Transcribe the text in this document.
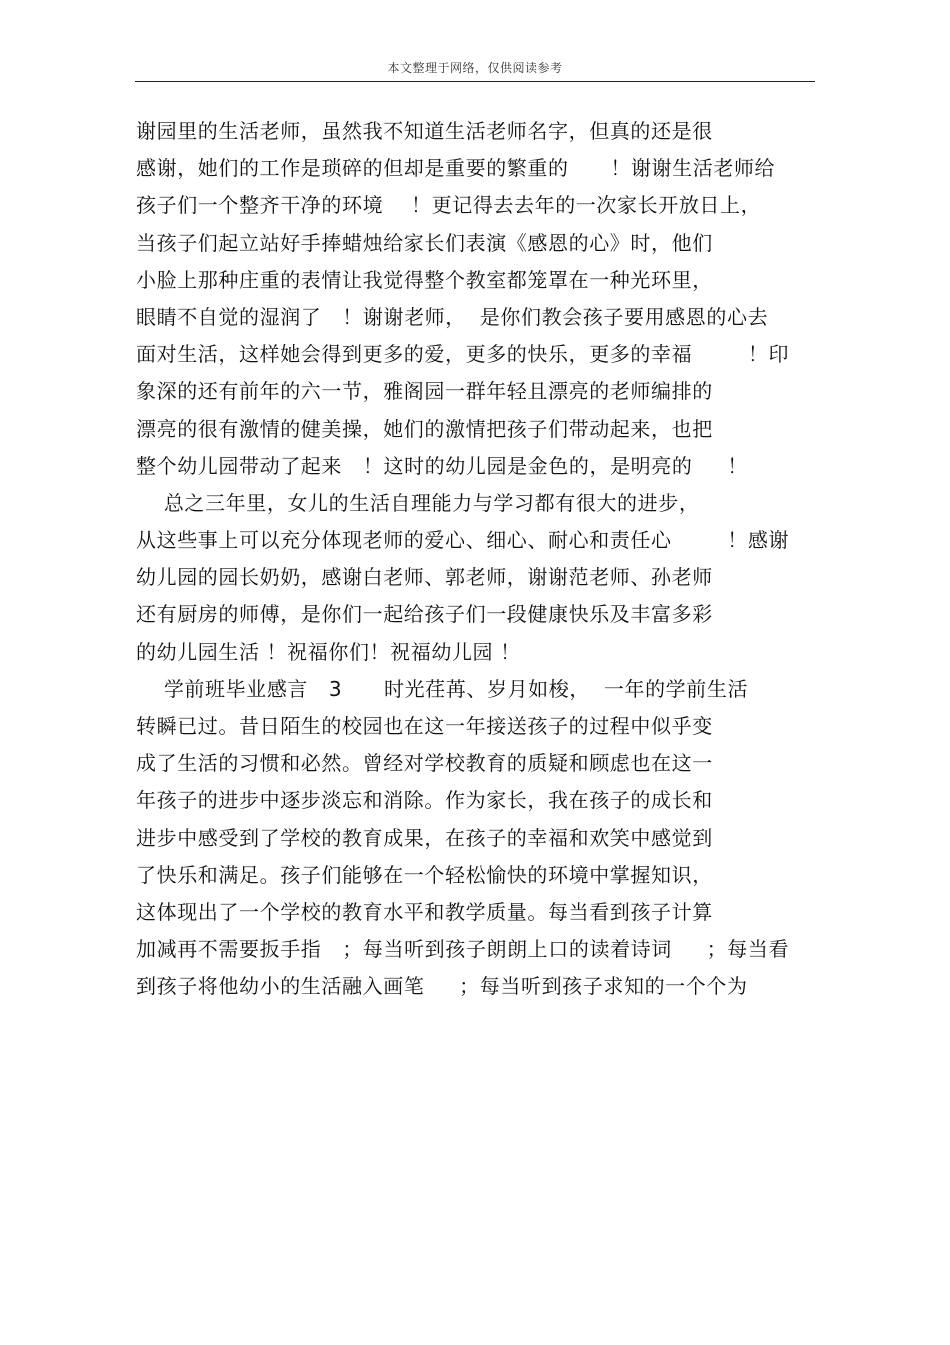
本文整理于网络，仅供阅读参考
谢园里的生活老师，虽然我不知道生活老师名字，但真的还是很
感谢，她们的工作是琐碎的但却是重要的繁重的      ！谢谢生活老师给
孩子们一个整齐干净的环境    ！更记得去去年的一次家长开放日上，
当孩子们起立站好手捧蜡烛给家长们表演《感恩的心》时，他们
小脸上那种庄重的表情让我觉得整个教室都笼罩在一种光环里，
眼睛不自觉的湿润了   ！谢谢老师，  是你们教会孩子要用感恩的心去
面对生活，这样她会得到更多的爱，更多的快乐，更多的幸福        ！印
象深的还有前年的六一节，雅阁园一群年轻且漂亮的老师编排的
漂亮的很有激情的健美操，她们的激情把孩子们带动起来，也把
整个幼儿园带动了起来   ！这时的幼儿园是金色的，是明亮的     ！
总之三年里，女儿的生活自理能力与学习都有很大的进步，
从这些事上可以充分体现老师的爱心、细心、耐心和责任心        ！感谢
幼儿园的园长奶奶，感谢白老师、郭老师，谢谢范老师、孙老师
还有厨房的师傅，是你们一起给孩子们一段健康快乐及丰富多彩
的幼儿园生活 ！祝福你们！祝福幼儿园 ！
学前班毕业感言   3      时光荏苒、岁月如梭，  一年的学前生活
转瞬已过。昔日陌生的校园也在这一年接送孩子的过程中似乎变
成了生活的习惯和必然。曾经对学校教育的质疑和顾虑也在这一
年孩子的进步中逐步淡忘和消除。作为家长，我在孩子的成长和
进步中感受到了学校的教育成果，在孩子的幸福和欢笑中感觉到
了快乐和满足。孩子们能够在一个轻松愉快的环境中掌握知识，
这体现出了一个学校的教育水平和教学质量。每当看到孩子计算
加减再不需要扳手指   ；每当听到孩子朗朗上口的读着诗词     ；每当看
到孩子将他幼小的生活融入画笔     ；每当听到孩子求知的一个个为
